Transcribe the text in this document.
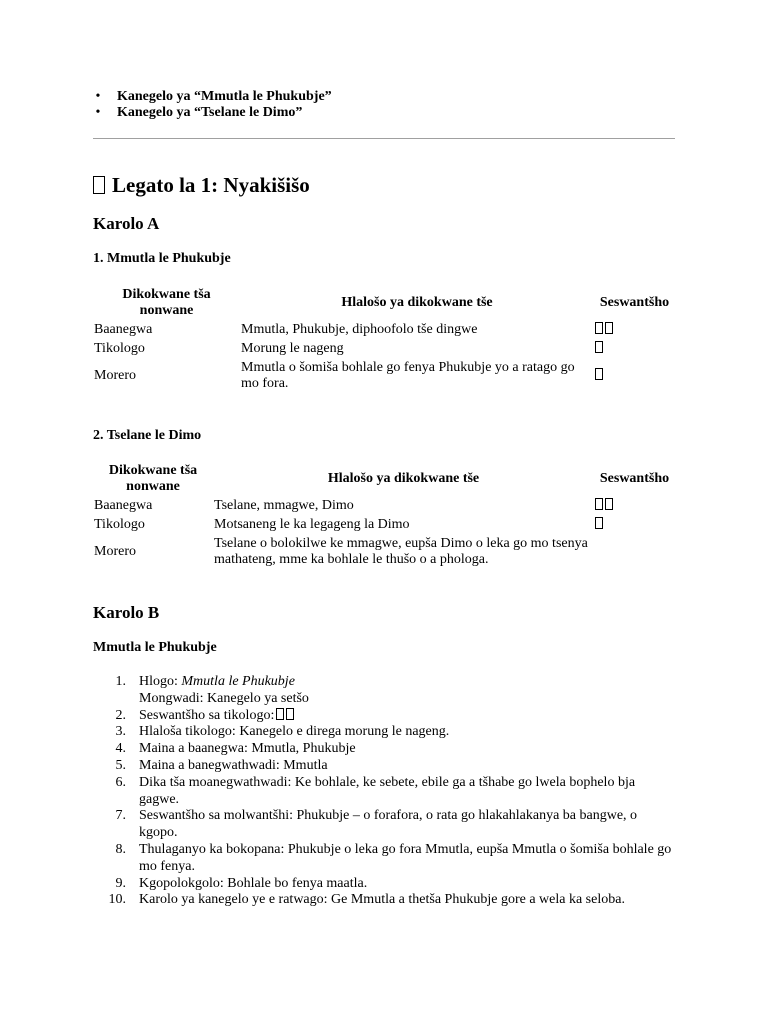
• Kanegelo ya “Mmutla le Phukubje”
• Kanegelo ya “Tselane le Dimo”
Legato la 1: Nyakišišo
Karolo A
1. Mmutla le Phukubje
Dikokwane tša nonwane	Hlalošo ya dikokwane tše	Seswantšho
Baanegwa	Mmutla, Phukubje, diphoofolo tše dingwe	
Tikologo	Morung le nageng	
Morero	Mmutla o šomiša bohlale go fenya Phukubje yo a ratago go mo fora.	
2. Tselane le Dimo
Dikokwane tša nonwane	Hlalošo ya dikokwane tše	Seswantšho
Baanegwa	Tselane, mmagwe, Dimo	
Tikologo	Motsaneng le ka legageng la Dimo	
Morero	Tselane o bolokilwe ke mmagwe, eupša Dimo o leka go mo tsenya mathateng, mme ka bohlale le thušo o a phologa.	
Karolo B
Mmutla le Phukubje
1. Hlogo: Mmutla le Phukubje
Mongwadi: Kanegelo ya setšo
2. Seswantšho sa tikologo:
3. Hlaloša tikologo: Kanegelo e direga morung le nageng.
4. Maina a baanegwa: Mmutla, Phukubje
5. Maina a banegwathwadi: Mmutla
6. Dika tša moanegwathwadi: Ke bohlale, ke sebete, ebile ga a tšhabe go lwela bophelo bja gagwe.
7. Seswantšho sa molwantšhi: Phukubje – o forafora, o rata go hlakahlakanya ba bangwe, o kgopo.
8. Thulaganyo ka bokopana: Phukubje o leka go fora Mmutla, eupša Mmutla o šomiša bohlale go mo fenya.
9. Kgopolokgolo: Bohlale bo fenya maatla.
10. Karolo ya kanegelo ye e ratwago: Ge Mmutla a thetša Phukubje gore a wela ka seloba.
